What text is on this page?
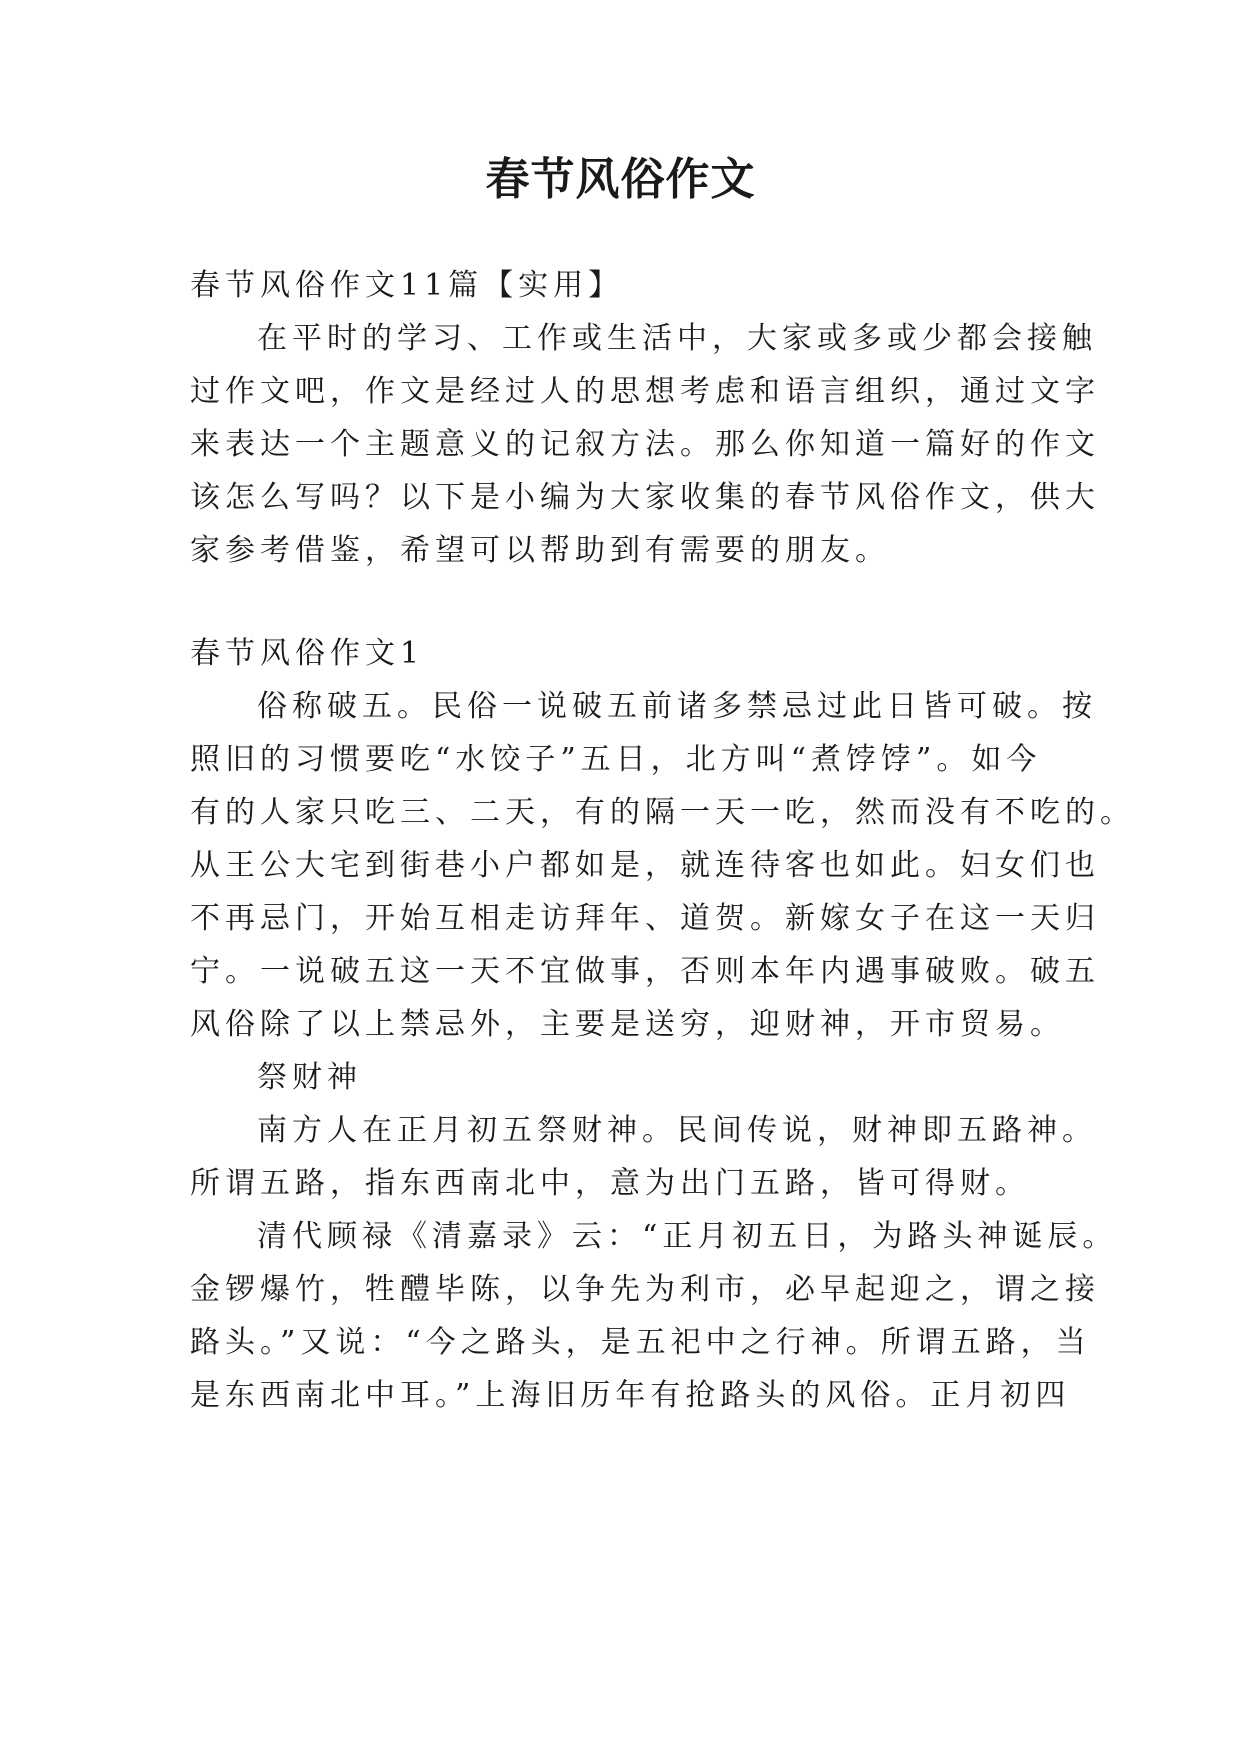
春节风俗作文
春节风俗作文11篇【实用】
在平时的学习、工作或生活中，大家或多或少都会接触
过作文吧，作文是经过人的思想考虑和语言组织，通过文字
来表达一个主题意义的记叙方法。那么你知道一篇好的作文
该怎么写吗？以下是小编为大家收集的春节风俗作文，供大
家参考借鉴，希望可以帮助到有需要的朋友。
春节风俗作文1
俗称破五。民俗一说破五前诸多禁忌过此日皆可破。按
照旧的习惯要吃“水饺子”五日，北方叫“煮饽饽”。如今
有的人家只吃三、二天，有的隔一天一吃，然而没有不吃的。
从王公大宅到街巷小户都如是，就连待客也如此。妇女们也
不再忌门，开始互相走访拜年、道贺。新嫁女子在这一天归
宁。一说破五这一天不宜做事，否则本年内遇事破败。破五
风俗除了以上禁忌外，主要是送穷，迎财神，开市贸易。
祭财神
南方人在正月初五祭财神。民间传说，财神即五路神。
所谓五路，指东西南北中，意为出门五路，皆可得财。
清代顾禄《清嘉录》云：“正月初五日，为路头神诞辰。
金锣爆竹，牲醴毕陈，以争先为利市，必早起迎之，谓之接
路头。”又说：“今之路头，是五祀中之行神。所谓五路，当
是东西南北中耳。”上海旧历年有抢路头的风俗。正月初四
